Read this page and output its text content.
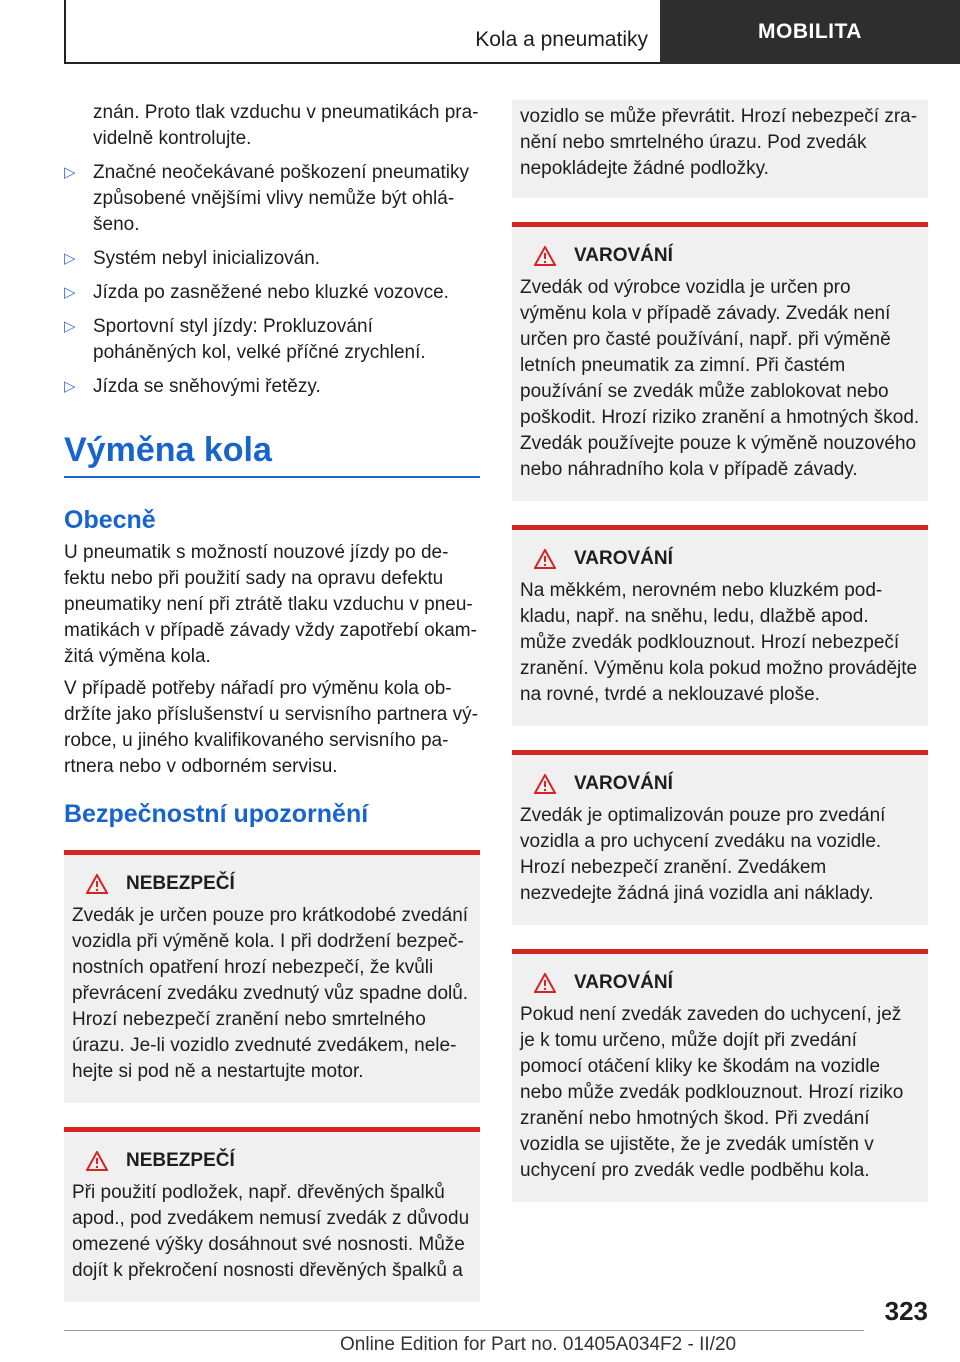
Kola a pneumatiky	MOBILITA

znán. Proto tlak vzduchu v pneumatikách pravidelně kontrolujte.

▷ Značné neočekávané poškození pneumatiky způsobené vnějšími vlivy nemůže být ohlášeno.
▷ Systém nebyl inicializován.
▷ Jízda po zasněžené nebo kluzké vozovce.
▷ Sportovní styl jízdy: Prokluzování poháněných kol, velké příčné zrychlení.
▷ Jízda se sněhovými řetězy.
Výměna kola
Obecně

U pneumatik s možností nouzové jízdy po defektu nebo při použití sady na opravu defektu pneumatiky není při ztrátě tlaku vzduchu v pneumatikách v případě závady vždy zapotřebí okamžitá výměna kola.

V případě potřeby nářadí pro výměnu kola obdržíte jako příslušenství u servisního partnera výrobce, u jiného kvalifikovaného servisního partnera nebo v odborném servisu.

Bezpečnostní upozornění
NEBEZPEČÍ

Zvedák je určen pouze pro krátkodobé zvedání vozidla při výměně kola. I při dodržení bezpečnostních opatření hrozí nebezpečí, že kvůli převrácení zvedáku zvednutý vůz spadne dolů. Hrozí nebezpečí zranění nebo smrtelného úrazu. Je-li vozidlo zvednuté zvedákem, nelehejte si pod ně a nestartujte motor.

NEBEZPEČÍ

Při použití podložek, např. dřevěných špalků apod., pod zvedákem nemusí zvedák z důvodu omezené výšky dosáhnout své nosnosti. Může dojít k překročení nosnosti dřevěných špalků a

vozidlo se může převrátit. Hrozí nebezpečí zranění nebo smrtelného úrazu. Pod zvedák nepokládejte žádné podložky.

VAROVÁNÍ

Zvedák od výrobce vozidla je určen pro výměnu kola v případě závady. Zvedák není určen pro časté používání, např. při výměně letních pneumatik za zimní. Při častém používání se zvedák může zablokovat nebo poškodit. Hrozí riziko zranění a hmotných škod. Zvedák používejte pouze k výměně nouzového nebo náhradního kola v případě závady.

VAROVÁNÍ

Na měkkém, nerovném nebo kluzkém podkladu, např. na sněhu, ledu, dlažbě apod. může zvedák podklouznout. Hrozí nebezpečí zranění. Výměnu kola pokud možno provádějte na rovné, tvrdé a neklouzavé ploše.

VAROVÁNÍ

Zvedák je optimalizován pouze pro zvedání vozidla a pro uchycení zvedáku na vozidle. Hrozí nebezpečí zranění. Zvedákem nezvedejte žádná jiná vozidla ani náklady.

VAROVÁNÍ

Pokud není zvedák zaveden do uchycení, jež je k tomu určeno, může dojít při zvedání pomocí otáčení kliky ke škodám na vozidle nebo může zvedák podklouznout. Hrozí riziko zranění nebo hmotných škod. Při zvedání vozidla se ujistěte, že je zvedák umístěn v uchycení pro zvedák vedle podběhu kola.

323
Online Edition for Part no. 01405A034F2 - II/20
